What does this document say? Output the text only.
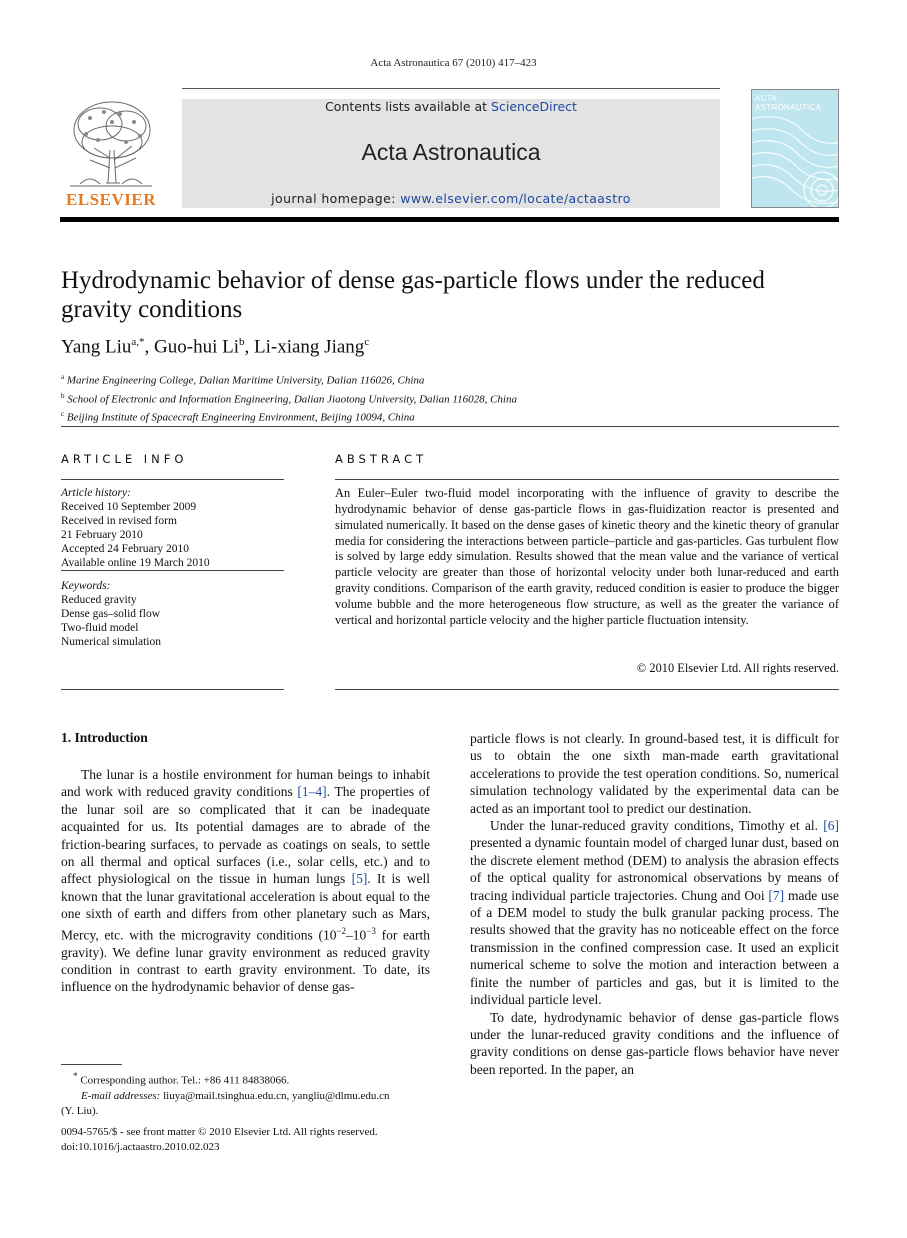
Acta Astronautica 67 (2010) 417–423
ELSEVIER
Contents lists available at ScienceDirect
Acta Astronautica
journal homepage: www.elsevier.com/locate/actaastro
ACTA ASTRONAUTICA
Hydrodynamic behavior of dense gas-particle flows under the reduced gravity conditions
Yang Liu$^{a,*}$, Guo-hui Li$^b$, Li-xiang Jiang$^c$
$^a$ Marine Engineering College, Dalian Maritime University, Dalian 116026, China
$^b$ School of Electronic and Information Engineering, Dalian Jiaotong University, Dalian 116028, China
$^c$ Beijing Institute of Spacecraft Engineering Environment, Beijing 10094, China
ARTICLE INFO	ABSTRACT
Article history:
Received 10 September 2009
Received in revised form
21 February 2010
Accepted 24 February 2010
Available online 19 March 2010
Keywords:
Reduced gravity
Dense gas–solid flow
Two-fluid model
Numerical simulation
An Euler–Euler two-fluid model incorporating with the influence of gravity to describe the hydrodynamic behavior of dense gas-particle flows in gas-fluidization reactor is presented and simulated numerically. It based on the dense gases of kinetic theory and the kinetic theory of granular media for considering the interactions between particle–particle and gas-particles. Gas turbulent flow is solved by large eddy simulation. Results showed that the mean value and the variance of vertical particle velocity are greater than those of horizontal velocity under both lunar-reduced and earth gravity conditions. Comparison of the earth gravity, reduced condition is easier to produce the bigger volume bubble and the more heterogeneous flow structure, as well as the greater the variance of vertical and horizontal particle velocity and the higher particle fluctuation intensity.
© 2010 Elsevier Ltd. All rights reserved.
1. Introduction

The lunar is a hostile environment for human beings to inhabit and work with reduced gravity conditions [1–4]. The properties of the lunar soil are so complicated that it can be inadequate acquainted for us. Its potential damages are to abrade of the friction-bearing surfaces, to pervade as coatings on seals, to settle on all thermal and optical surfaces (i.e., solar cells, etc.) and to affect physiological on the tissue in human lungs [5]. It is well known that the lunar gravitational acceleration is about equal to the one sixth of earth and differs from other planetary such as Mars, Mercy, etc. with the microgravity conditions ($10^{-2}-10^{-3}$ for earth gravity). We define lunar gravity environment as reduced gravity condition in contrast to earth gravity environment. To date, its influence on the hydrodynamic behavior of dense gas-

particle flows is not clearly. In ground-based test, it is difficult for us to obtain the one sixth man-made earth gravitational accelerations to provide the test operation conditions. So, numerical simulation technology validated by the experimental data can be acted as an important tool to predict our destination.

Under the lunar-reduced gravity conditions, Timothy et al. [6] presented a dynamic fountain model of charged lunar dust, based on the discrete element method (DEM) to analysis the abrasion effects of the optical quality for astronomical observations by means of tracing individual particle trajectories. Chung and Ooi [7] made use of a DEM model to study the bulk granular packing process. The results showed that the gravity has no noticeable effect on the force transmission in the confined compression case. It used an explicit numerical scheme to solve the motion and interaction between a finite the number of particles and gas, but it is limited to the individual particle level.

To date, hydrodynamic behavior of dense gas-particle flows under the lunar-reduced gravity conditions and the influence of gravity conditions on dense gas-particle flows behavior have never been reported. In the paper, an

* Corresponding author. Tel.: +86 411 84838066.
E-mail addresses: liuya@mail.tsinghua.edu.cn, yangliu@dlmu.edu.cn
(Y. Liu).
0094-5765/$ - see front matter © 2010 Elsevier Ltd. All rights reserved.
doi:10.1016/j.actaastro.2010.02.023
